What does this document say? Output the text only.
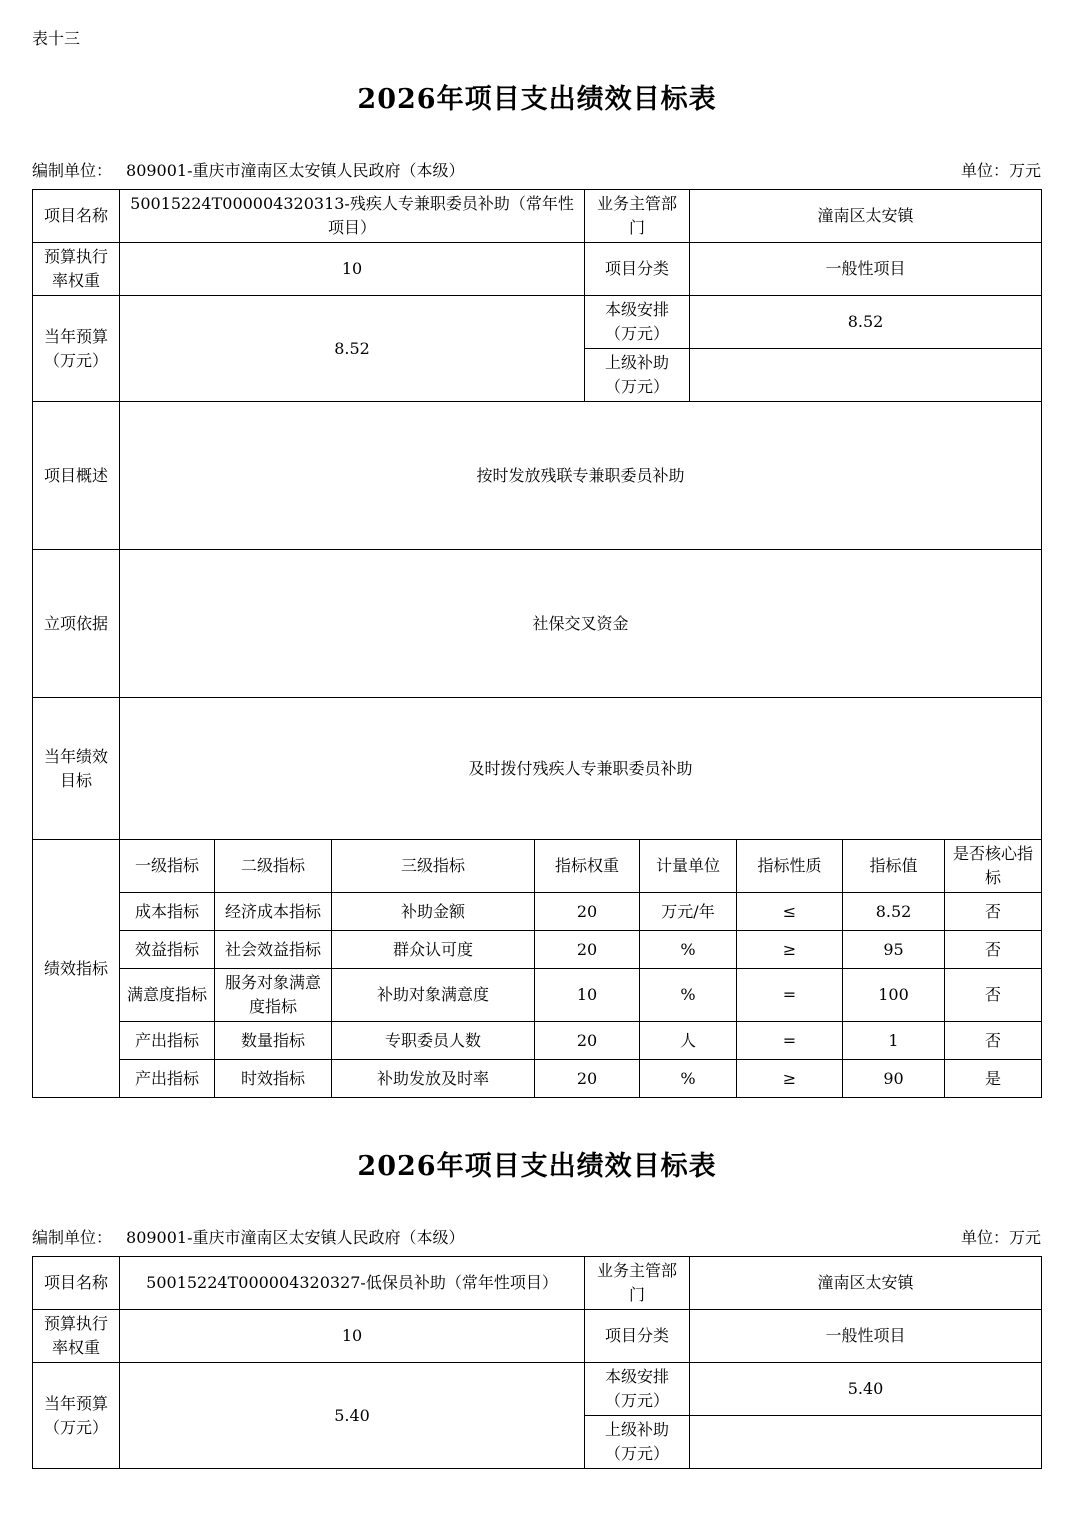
表十三
2026年项目支出绩效目标表
编制单位： 809001-重庆市潼南区太安镇人民政府（本级）	单位：万元
项目名称	50015224T000004320313-残疾人专兼职委员补助（常年性项目）	业务主管部门	潼南区太安镇
预算执行率权重	10	项目分类	一般性项目
当年预算（万元）	8.52	本级安排（万元）	8.52
		上级补助（万元）	
项目概述	按时发放残联专兼职委员补助		
立项依据	社保交叉资金		
当年绩效目标	及时拨付残疾人专兼职委员补助		
绩效指标	一级指标	二级指标	三级指标	指标权重	计量单位	指标性质	指标值	是否核心指标
	成本指标	经济成本指标	补助金额	20	万元/年	≤	8.52	否
	效益指标	社会效益指标	群众认可度	20	%	≥	95	否
	满意度指标	服务对象满意度指标	补助对象满意度	10	%	=	100	否
	产出指标	数量指标	专职委员人数	20	人	=	1	否
	产出指标	时效指标	补助发放及时率	20	%	≥	90	是
2026年项目支出绩效目标表
编制单位： 809001-重庆市潼南区太安镇人民政府（本级）	单位：万元
项目名称	50015224T000004320327-低保员补助（常年性项目）	业务主管部门	潼南区太安镇
预算执行率权重	10	项目分类	一般性项目
当年预算（万元）	5.40	本级安排（万元）	5.40
		上级补助（万元）	
